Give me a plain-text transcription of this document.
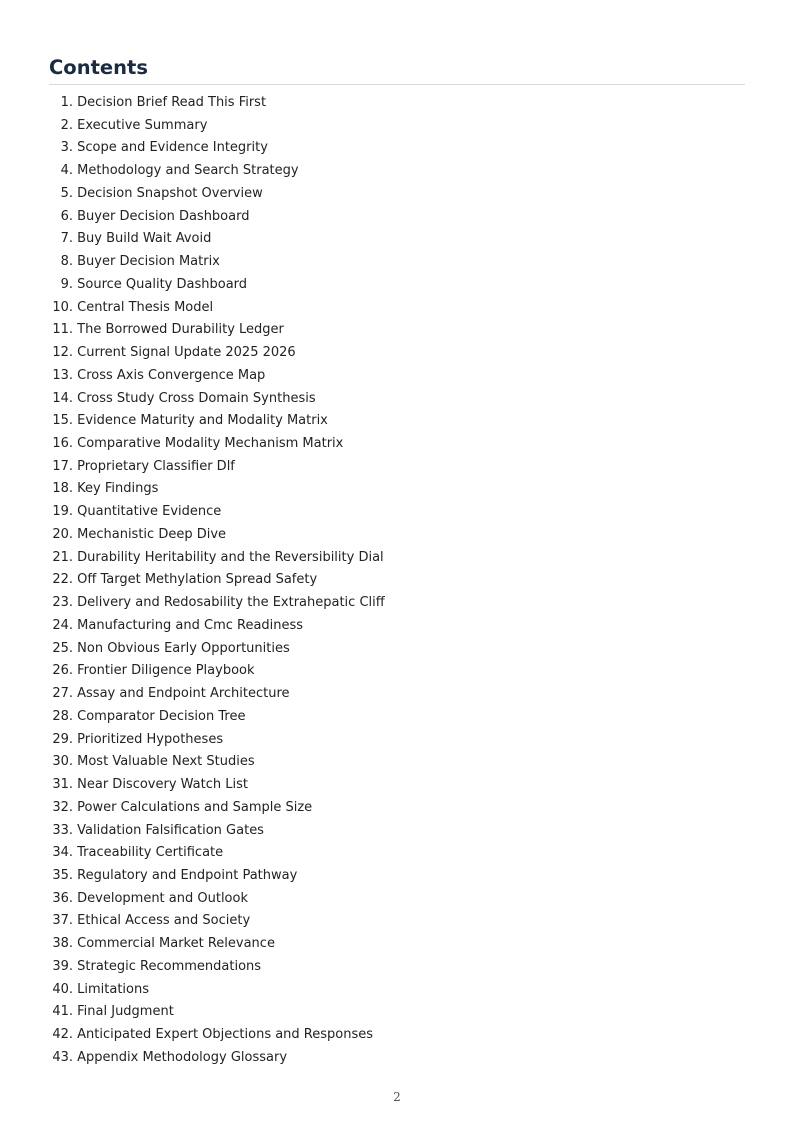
Contents
1.
Decision Brief Read This First
2.
Executive Summary
3.
Scope and Evidence Integrity
4.
Methodology and Search Strategy
5.
Decision Snapshot Overview
6.
Buyer Decision Dashboard
7.
Buy Build Wait Avoid
8.
Buyer Decision Matrix
9.
Source Quality Dashboard
10.
Central Thesis Model
11.
The Borrowed Durability Ledger
12.
Current Signal Update 2025 2026
13.
Cross Axis Convergence Map
14.
Cross Study Cross Domain Synthesis
15.
Evidence Maturity and Modality Matrix
16.
Comparative Modality Mechanism Matrix
17.
Proprietary Classifier Dlf
18.
Key Findings
19.
Quantitative Evidence
20.
Mechanistic Deep Dive
21.
Durability Heritability and the Reversibility Dial
22.
Off Target Methylation Spread Safety
23.
Delivery and Redosability the Extrahepatic Cliff
24.
Manufacturing and Cmc Readiness
25.
Non Obvious Early Opportunities
26.
Frontier Diligence Playbook
27.
Assay and Endpoint Architecture
28.
Comparator Decision Tree
29.
Prioritized Hypotheses
30.
Most Valuable Next Studies
31.
Near Discovery Watch List
32.
Power Calculations and Sample Size
33.
Validation Falsification Gates
34.
Traceability Certificate
35.
Regulatory and Endpoint Pathway
36.
Development and Outlook
37.
Ethical Access and Society
38.
Commercial Market Relevance
39.
Strategic Recommendations
40.
Limitations
41.
Final Judgment
42.
Anticipated Expert Objections and Responses
43.
Appendix Methodology Glossary
2
